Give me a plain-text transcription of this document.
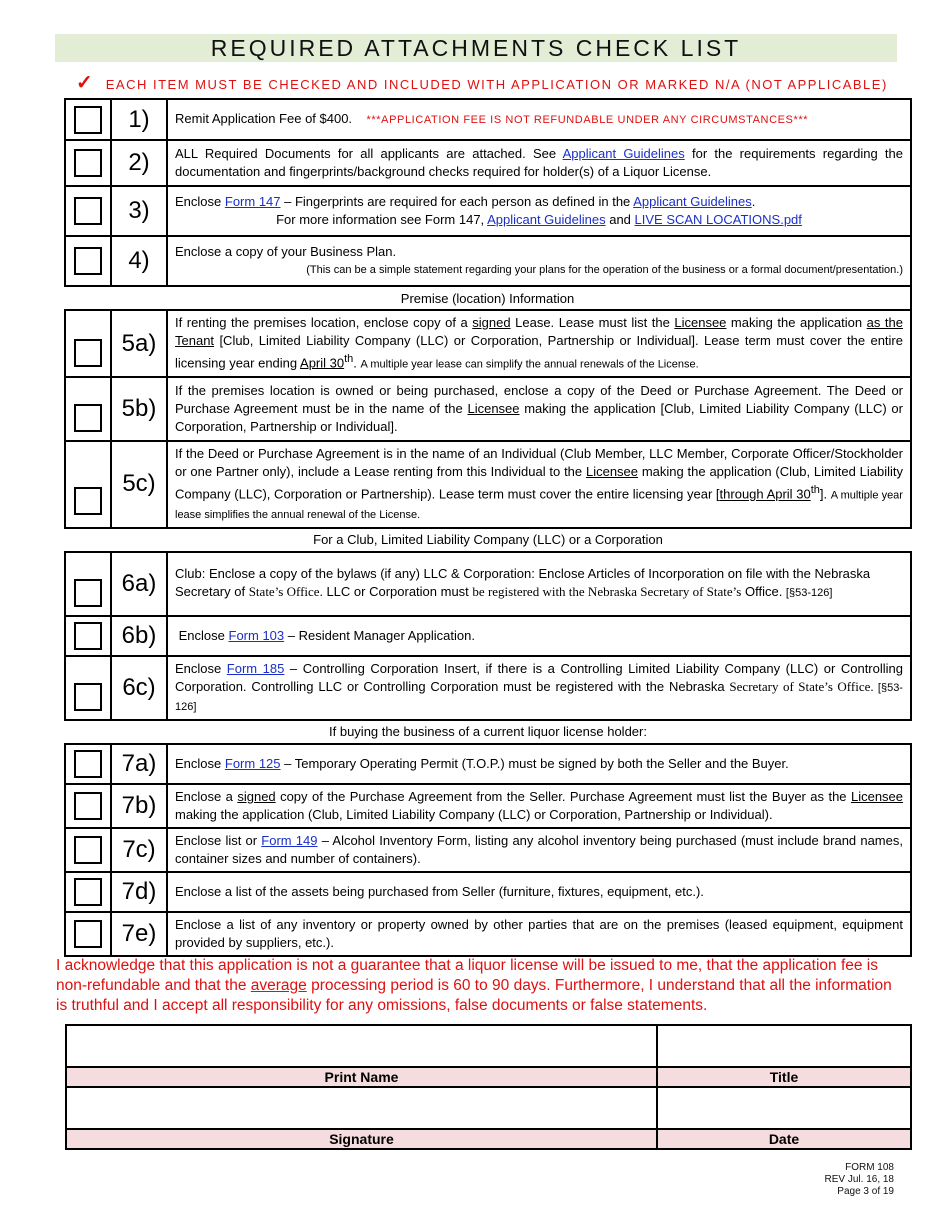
REQUIRED ATTACHMENTS CHECK LIST
✓ EACH ITEM MUST BE CHECKED AND INCLUDED WITH APPLICATION OR MARKED N/A (NOT APPLICABLE)
	1)	Remit Application Fee of $400. ***APPLICATION FEE IS NOT REFUNDABLE UNDER ANY CIRCUMSTANCES***
	2)	ALL Required Documents for all applicants are attached. See Applicant Guidelines for the requirements regarding the documentation and fingerprints/background checks required for holder(s) of a Liquor License.
	3)	Enclose Form 147 – Fingerprints are required for each person as defined in the Applicant Guidelines.
For more information see Form 147, Applicant Guidelines and LIVE SCAN LOCATIONS.pdf

	4)	Enclose a copy of your Business Plan.
(This can be a simple statement regarding your plans for the operation of the business or a formal document/presentation.)

Premise (location) Information		
	5a)	If renting the premises location, enclose copy of a signed Lease. Lease must list the Licensee making the application as the Tenant [Club, Limited Liability Company (LLC) or Corporation, Partnership or Individual]. Lease term must cover the entire licensing year ending April 30th. A multiple year lease can simplify the annual renewals of the License.
	5b)	If the premises location is owned or being purchased, enclose a copy of the Deed or Purchase Agreement. The Deed or Purchase Agreement must be in the name of the Licensee making the application [Club, Limited Liability Company (LLC) or Corporation, Partnership or Individual].
	5c)	If the Deed or Purchase Agreement is in the name of an Individual (Club Member, LLC Member, Corporate Officer/Stockholder or one Partner only), include a Lease renting from this Individual to the Licensee making the application (Club, Limited Liability Company (LLC), Corporation or Partnership). Lease term must cover the entire licensing year [through April 30th]. A multiple year lease simplifies the annual renewal of the License.
For a Club, Limited Liability Company (LLC) or a Corporation		
	6a)	Club: Enclose a copy of the bylaws (if any) LLC & Corporation: Enclose Articles of Incorporation on file with the Nebraska Secretary of State’s Office. LLC or Corporation must be registered with the Nebraska Secretary of State’s Office. [§53-126]
	6b)	Enclose Form 103 – Resident Manager Application.
	6c)	Enclose Form 185 – Controlling Corporation Insert, if there is a Controlling Limited Liability Company (LLC) or Controlling Corporation. Controlling LLC or Controlling Corporation must be registered with the Nebraska Secretary of State’s Office. [§53-126]
If buying the business of a current liquor license holder:		
	7a)	Enclose Form 125 – Temporary Operating Permit (T.O.P.) must be signed by both the Seller and the Buyer.
	7b)	Enclose a signed copy of the Purchase Agreement from the Seller. Purchase Agreement must list the Buyer as the Licensee making the application (Club, Limited Liability Company (LLC) or Corporation, Partnership or Individual).
	7c)	Enclose list or Form 149 – Alcohol Inventory Form, listing any alcohol inventory being purchased (must include brand names, container sizes and number of containers).
	7d)	Enclose a list of the assets being purchased from Seller (furniture, fixtures, equipment, etc.).
	7e)	Enclose a list of any inventory or property owned by other parties that are on the premises (leased equipment, equipment provided by suppliers, etc.).
I acknowledge that this application is not a guarantee that a liquor license will be issued to me, that the application fee is non-refundable and that the average processing period is 60 to 90 days. Furthermore, I understand that all the information is truthful and I accept all responsibility for any omissions, false documents or false statements.

Print Name	Title

Signature	Date
FORM 108
REV Jul. 16, 18
Page 3 of 19
